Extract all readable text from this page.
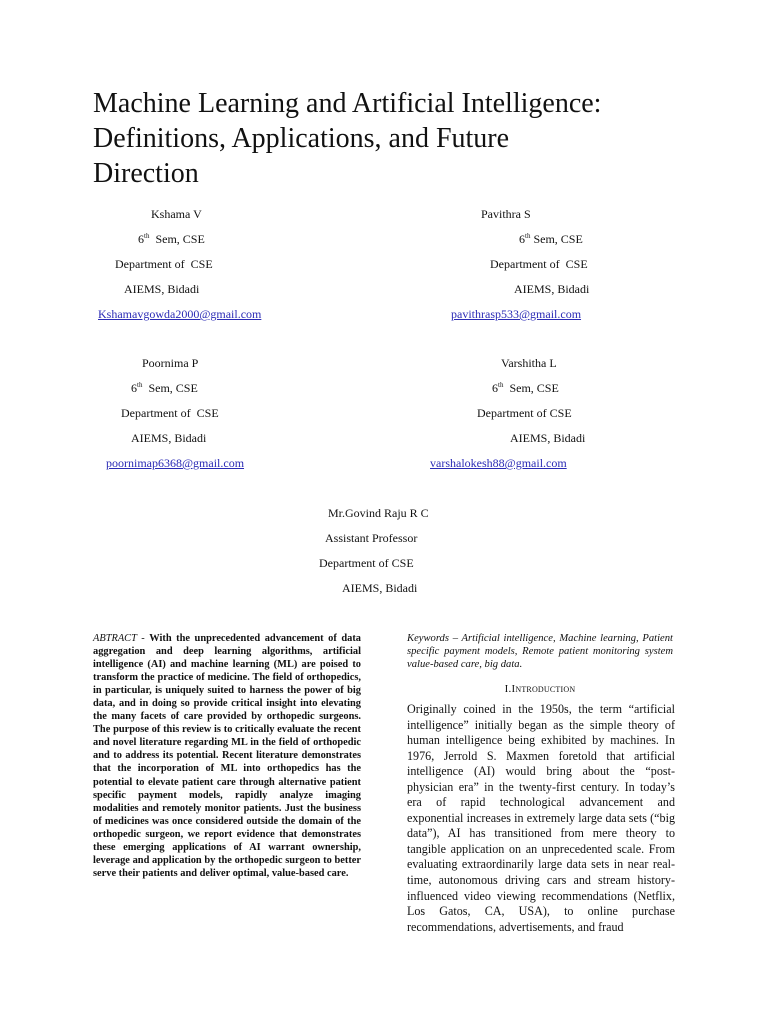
Machine Learning and Artificial Intelligence:
Definitions, Applications, and Future
Direction
Kshama V
6th  Sem, CSE
Department of  CSE
AIEMS, Bidadi
Kshamavgowda2000@gmail.com
Pavithra S
6th Sem, CSE
Department of  CSE
AIEMS, Bidadi
pavithrasp533@gmail.com
Poornima P
6th  Sem, CSE
Department of  CSE
AIEMS, Bidadi
poornimap6368@gmail.com
Varshitha L
6th  Sem, CSE
Department of CSE
AIEMS, Bidadi
varshalokesh88@gmail.com
Mr.Govind Raju R C
Assistant Professor
Department of CSE
AIEMS, Bidadi
ABTRACT - With the unprecedented advancement of data aggregation and deep learning algorithms, artificial intelligence (AI) and machine learning (ML) are poised to transform the practice of medicine. The field of orthopedics, in particular, is uniquely suited to harness the power of big data, and in doing so provide critical insight into elevating the many facets of care provided by orthopedic surgeons. The purpose of this review is to critically evaluate the recent and novel literature regarding ML in the field of orthopedic and to address its potential. Recent literature demonstrates that the incorporation of ML into orthopedics has the potential to elevate patient care through alternative patient specific payment models, rapidly analyze imaging modalities and remotely monitor patients. Just the business of medicines was once considered outside the domain of the orthopedic surgeon, we report evidence that demonstrates these emerging applications of AI warrant ownership, leverage and application by the orthopedic surgeon to better serve their patients and deliver optimal, value-based care.
Keywords – Artificial intelligence, Machine learning, Patient specific payment models, Remote patient monitoring system value-based care, big data.
I.Introduction
Originally coined in the 1950s, the term “artificial intelligence” initially began as the simple theory of human intelligence being exhibited by machines. In 1976, Jerrold S. Maxmen foretold that artificial intelligence (AI) would bring about the “post-physician era” in the twenty-first century. In today’s era of rapid technological advancement and exponential increases in extremely large data sets (“big data”), AI has transitioned from mere theory to tangible application on an unprecedented scale. From evaluating extraordinarily large data sets in near real-time, autonomous driving cars and stream history-influenced video viewing recommendations (Netflix, Los Gatos, CA, USA), to online purchase recommendations, advertisements, and fraud
